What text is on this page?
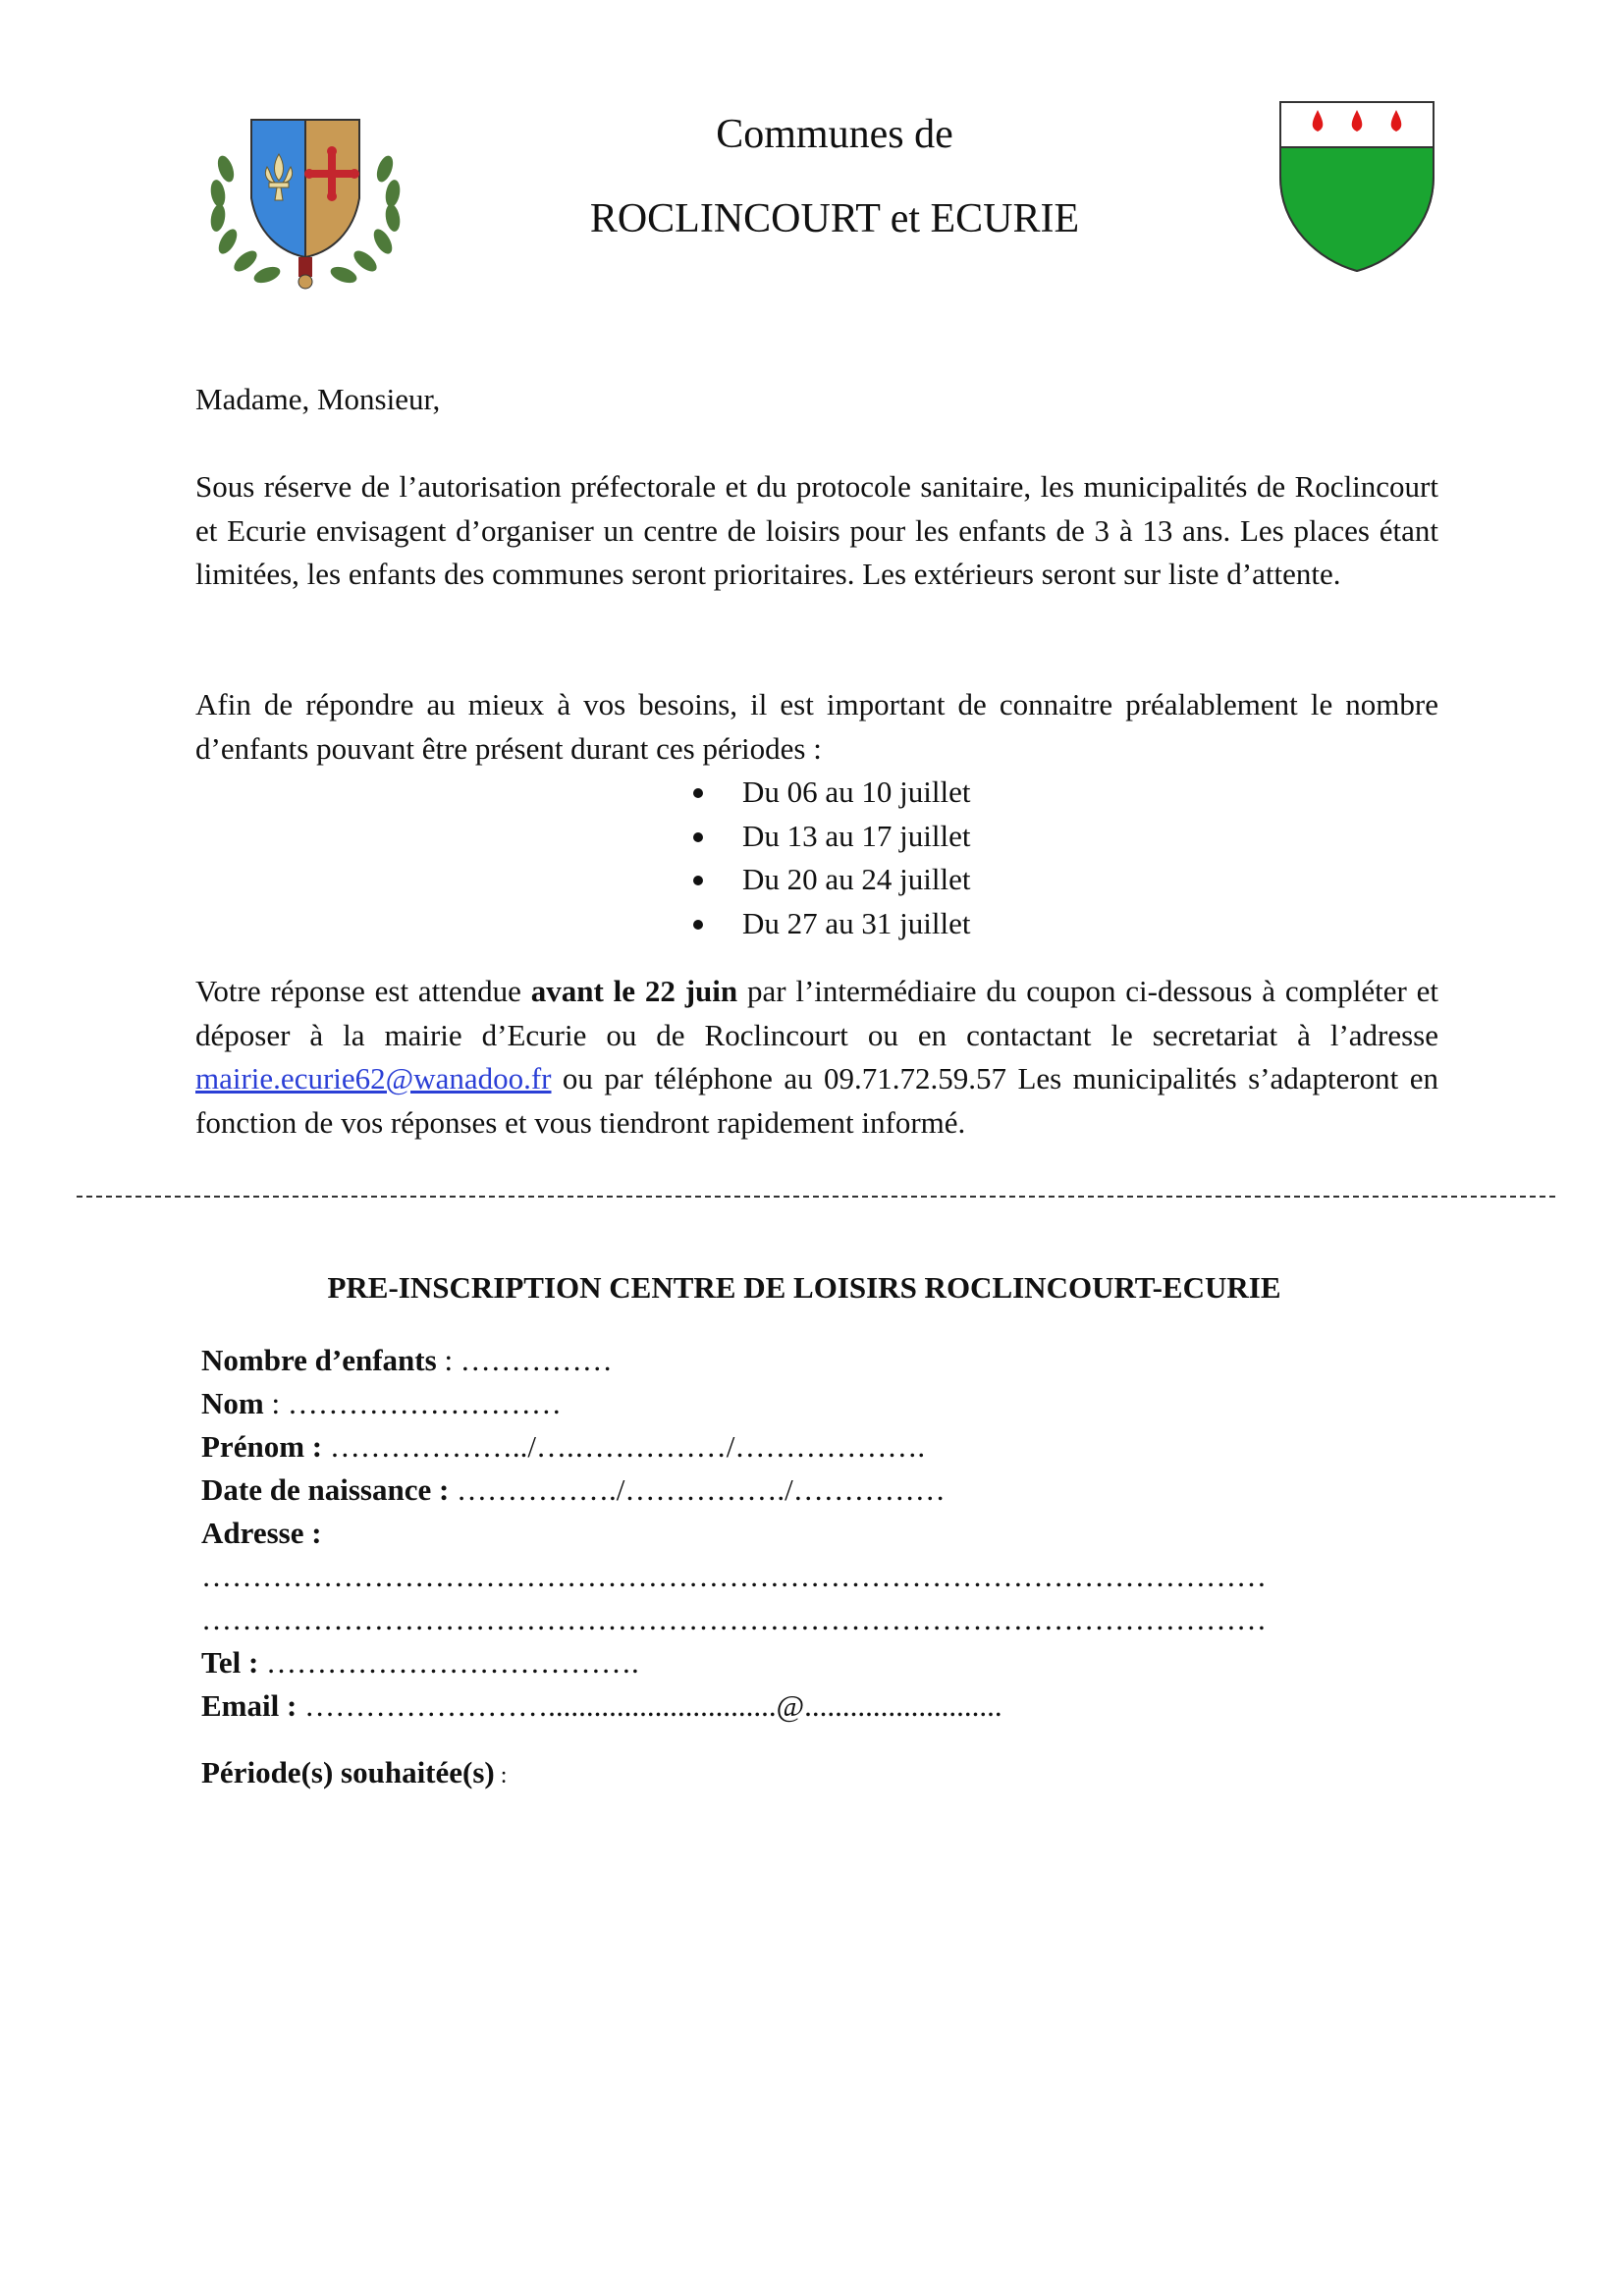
Communes de
ROCLINCOURT et ECURIE
Madame, Monsieur,
Sous réserve de l’autorisation préfectorale et du protocole sanitaire, les municipalités de Roclincourt et Ecurie envisagent d’organiser un centre de loisirs pour les enfants de 3 à 13 ans. Les places étant limitées, les enfants des communes seront prioritaires. Les extérieurs seront sur liste d’attente.
Afin de répondre au mieux à vos besoins, il est important de connaitre préalablement le nombre d’enfants pouvant être présent durant ces périodes :
Du 06 au 10 juillet
Du 13 au 17 juillet
Du 20 au 24 juillet
Du 27 au 31 juillet
Votre réponse est attendue avant le 22 juin par l’intermédiaire du coupon ci-dessous à compléter et déposer à la mairie d’Ecurie ou de Roclincourt ou en contactant le secretariat à l’adresse mairie.ecurie62@wanadoo.fr ou par téléphone au 09.71.72.59.57 Les municipalités s’adapteront en fonction de vos réponses et vous tiendront rapidement informé.
PRE-INSCRIPTION CENTRE DE LOISIRS ROCLINCOURT-ECURIE
Nombre d’enfants : ……………
Nom : ………………………
Prénom : ………………../….……………/……………….
Date de naissance : ……………./……………./……………
Adresse :
……………………………………………………………………………………………
……………………………………………………………………………………………
Tel : ……………………………….
Email : ……………………..............................@..........................
Période(s) souhaitée(s) :
